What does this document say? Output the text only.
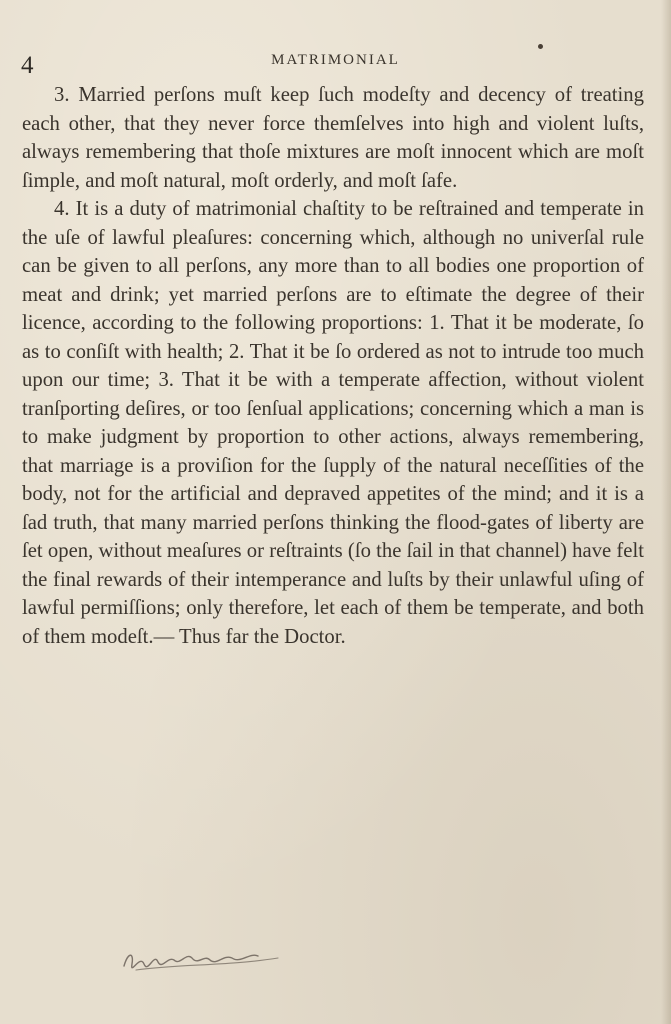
4	MATRIMONIAL

3. Married perſons muſt keep ſuch modeſty and decency of treating each other, that they never force themſelves into high and violent luſts, always remembering that thoſe mixtures are moſt innocent which are moſt ſimple, and moſt natural, moſt orderly, and moſt ſafe.

4. It is a duty of matrimonial chaſtity to be reſtrained and temperate in the uſe of lawful pleaſures: concerning which, although no univerſal rule can be given to all perſons, any more than to all bodies one proportion of meat and drink; yet married perſons are to eſtimate the degree of their licence, according to the following proportions: 1. That it be moderate, ſo as to conſiſt with health; 2. That it be ſo ordered as not to intrude too much upon our time; 3. That it be with a temperate affection, without violent tranſporting deſires, or too ſenſual applications; concerning which a man is to make judgment by proportion to other actions, always remembering, that marriage is a proviſion for the ſupply of the natural neceſſities of the body, not for the artificial and depraved appetites of the mind; and it is a ſad truth, that many married perſons thinking the flood-gates of liberty are ſet open, without meaſures or reſtraints (ſo the ſail in that channel) have felt the final rewards of their intemperance and luſts by their unlawful uſing of lawful permiſſions; only therefore, let each of them be temperate, and both of them modeſt.— Thus far the Doctor.
